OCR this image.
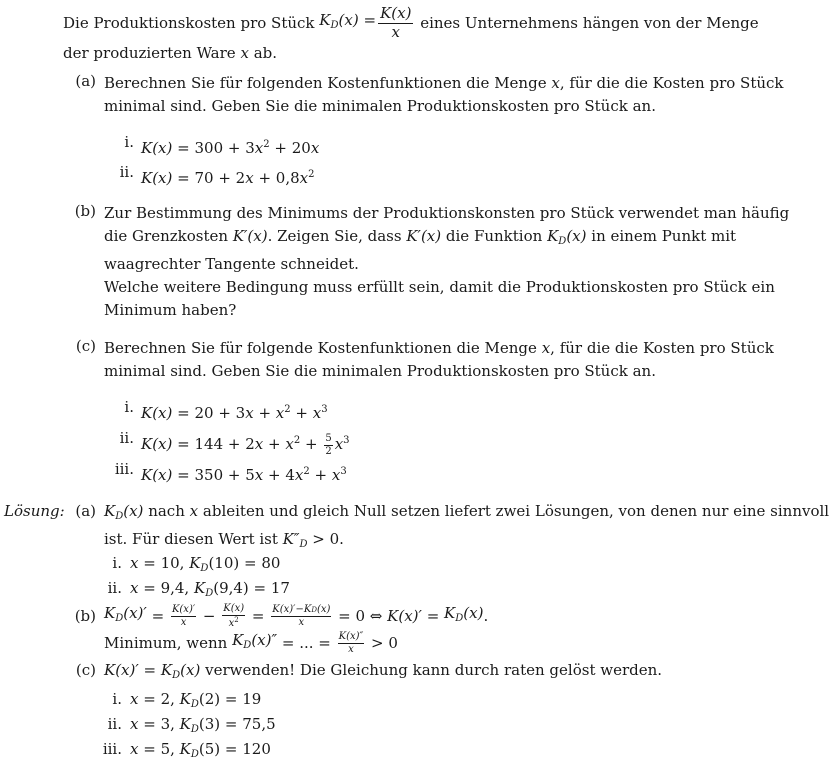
Die Produktionskosten pro Stück
$K_D(x) = \frac{K(x)}{x}$
eines Unternehmens hängen von der Menge
der produzierten Ware x ab.
(a) Berechnen Sie für folgenden Kostenfunktionen die Menge x, für die die Kosten pro Stück
minimal sind. Geben Sie die minimalen Produktionskosten pro Stück an.
i. $K(x) = 300 + 3x^2 + 20x$
ii. $K(x) = 70 + 2x + 0,8x^2$
(b) Zur Bestimmung des Minimums der Produktionskonsten pro Stück verwendet man häufig
die Grenzkosten K′(x). Zeigen Sie, dass K′(x) die Funktion $K_D(x)$ in einem Punkt mit
waagrechter Tangente schneidet.
Welche weitere Bedingung muss erfüllt sein, damit die Produktionskosten pro Stück ein
Minimum haben?
(c) Berechnen Sie für folgende Kostenfunktionen die Menge x, für die die Kosten pro Stück
minimal sind. Geben Sie die minimalen Produktionskosten pro Stück an.
i. $K(x) = 20 + 3x + x^2 + x^3$
ii. $K(x) = 144 + 2x + x^2 + \frac{5}{2} x^3$
iii. $K(x) = 350 + 5x + 4x^2 + x^3$
Lösung: (a) $K_D(x)$ nach x ableiten und gleich Null setzen liefert zwei Lösungen, von denen nur eine sinnvoll
ist. Für diesen Wert ist $K''_D > 0$.
i. x = 10, $K_D(10) = 80$
ii. x = 9,4, $K_D(9,4) = 17$
(b) $K_D(x)' = \frac{K(x)'}{x} - \frac{K(x)}{x^2} = \frac{K(x)'-KD(x)}{x} = 0$ ⇔ $K(x)' = K_D(x)$ .
Minimum, wenn
$K_D(x)''$ = ... = $\frac{K(x)''}{x} > 0$
(c) $K(x)' = K_D(x)$ verwenden! Die Gleichung kann durch raten gelöst werden.
i. x = 2, $K_D(2) = 19$
ii. x = 3, $K_D(3) = 75,5$
iii. x = 5, $K_D(5) = 120$
